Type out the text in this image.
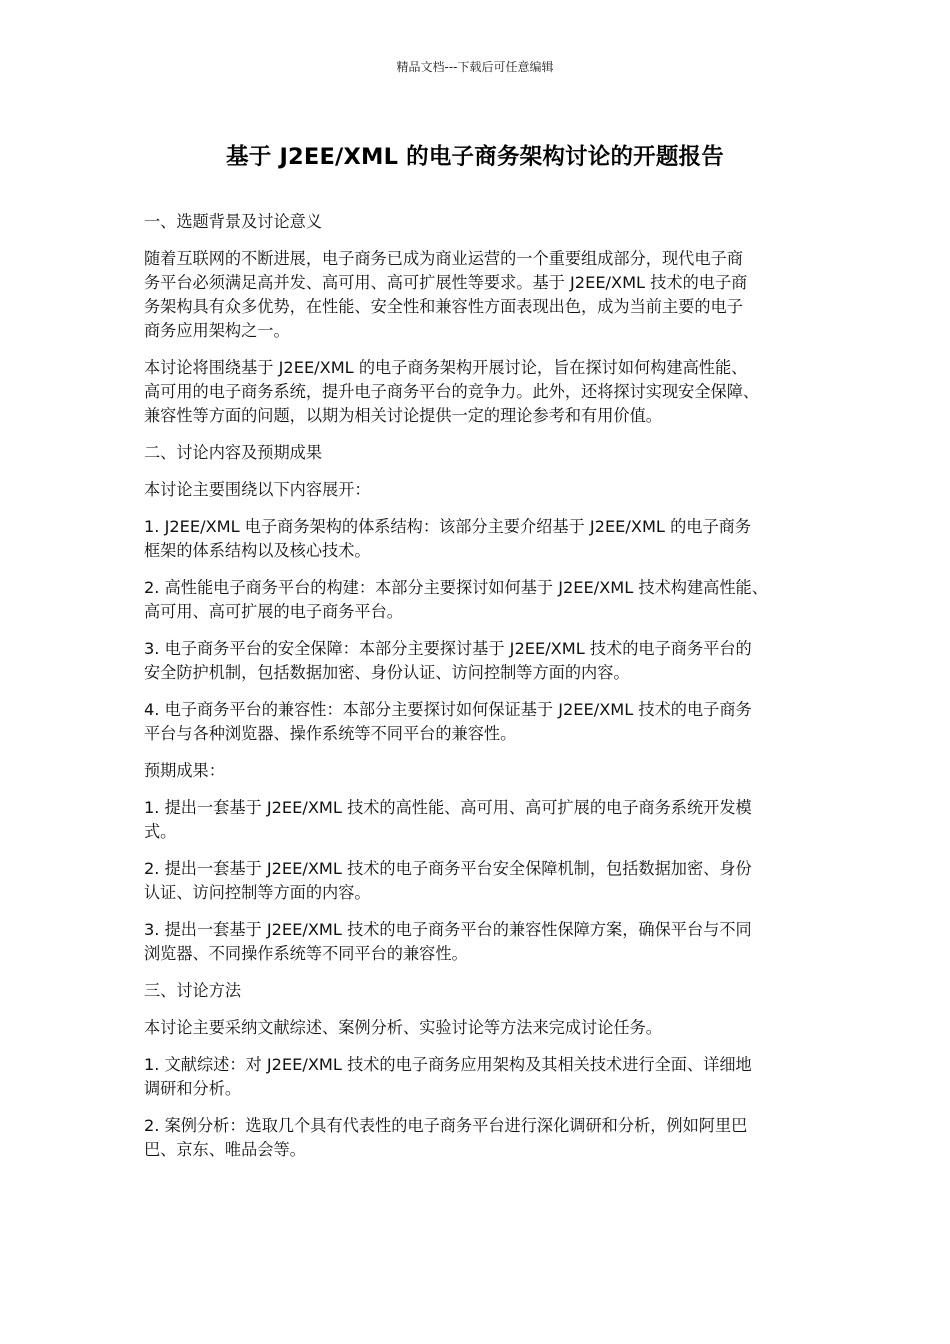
精品文档---下载后可任意编辑
基于 J2EE/XML 的电子商务架构讨论的开题报告

一、选题背景及讨论意义

随着互联网的不断进展，电子商务已成为商业运营的一个重要组成部分，现代电子商
务平台必须满足高并发、高可用、高可扩展性等要求。基于 J2EE/XML 技术的电子商
务架构具有众多优势，在性能、安全性和兼容性方面表现出色，成为当前主要的电子
商务应用架构之一。

本讨论将围绕基于 J2EE/XML 的电子商务架构开展讨论，旨在探讨如何构建高性能、
高可用的电子商务系统，提升电子商务平台的竞争力。此外，还将探讨实现安全保障、
兼容性等方面的问题，以期为相关讨论提供一定的理论参考和有用价值。

二、讨论内容及预期成果

本讨论主要围绕以下内容展开：

1. J2EE/XML 电子商务架构的体系结构：该部分主要介绍基于 J2EE/XML 的电子商务
框架的体系结构以及核心技术。

2. 高性能电子商务平台的构建：本部分主要探讨如何基于 J2EE/XML 技术构建高性能、
高可用、高可扩展的电子商务平台。

3. 电子商务平台的安全保障：本部分主要探讨基于 J2EE/XML 技术的电子商务平台的
安全防护机制，包括数据加密、身份认证、访问控制等方面的内容。

4. 电子商务平台的兼容性：本部分主要探讨如何保证基于 J2EE/XML 技术的电子商务
平台与各种浏览器、操作系统等不同平台的兼容性。

预期成果：

1. 提出一套基于 J2EE/XML 技术的高性能、高可用、高可扩展的电子商务系统开发模
式。

2. 提出一套基于 J2EE/XML 技术的电子商务平台安全保障机制，包括数据加密、身份
认证、访问控制等方面的内容。

3. 提出一套基于 J2EE/XML 技术的电子商务平台的兼容性保障方案，确保平台与不同
浏览器、不同操作系统等不同平台的兼容性。

三、讨论方法

本讨论主要采纳文献综述、案例分析、实验讨论等方法来完成讨论任务。

1. 文献综述：对 J2EE/XML 技术的电子商务应用架构及其相关技术进行全面、详细地
调研和分析。

2. 案例分析：选取几个具有代表性的电子商务平台进行深化调研和分析，例如阿里巴
巴、京东、唯品会等。
